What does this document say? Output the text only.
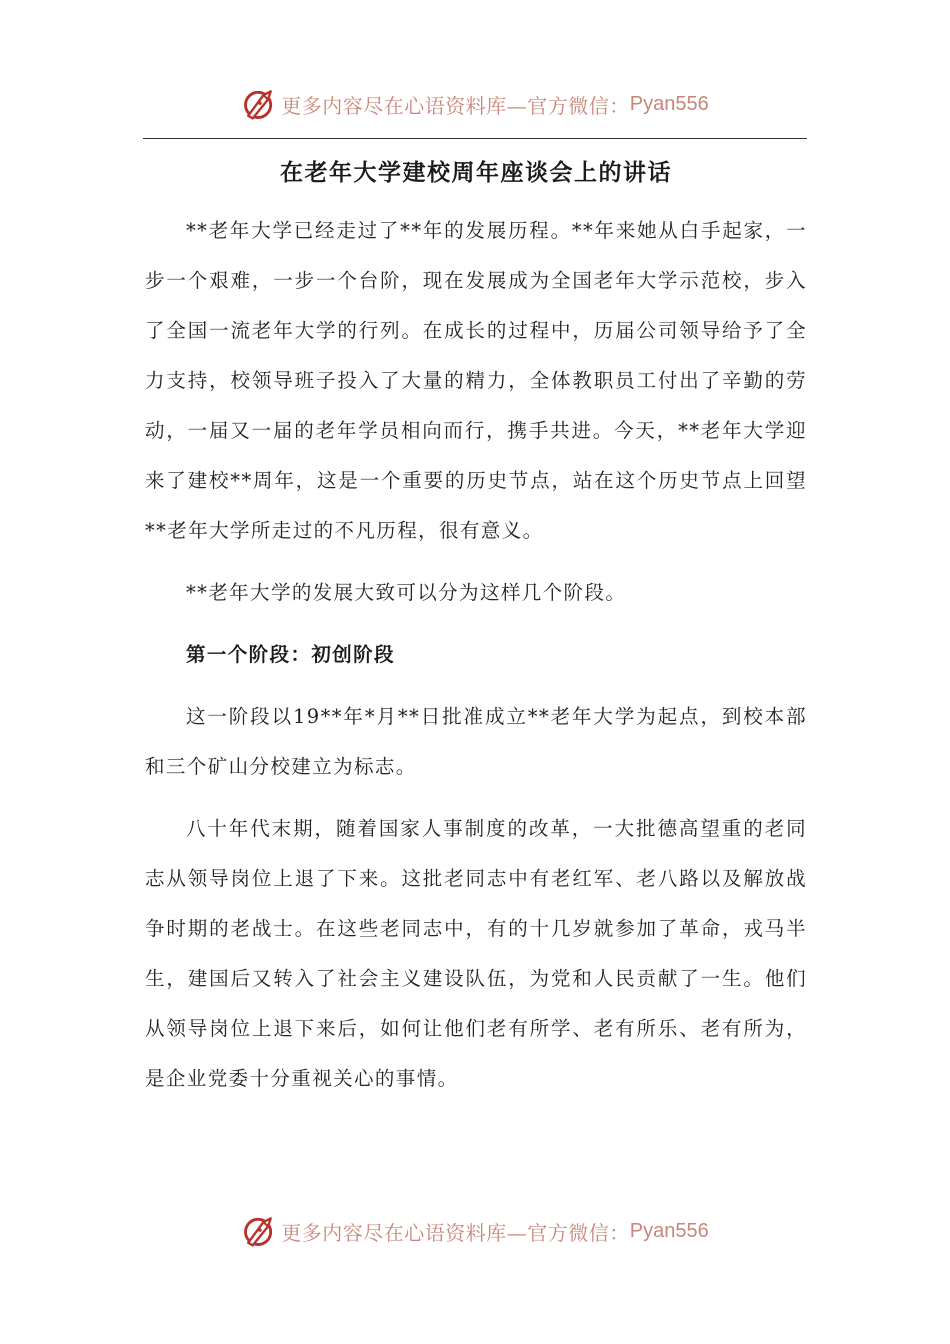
更多内容尽在心语资料库—官方微信： Pyan556
在老年大学建校周年座谈会上的讲话

**老年大学已经走过了**年的发展历程。**年来她从白手起家，一步一个艰难，一步一个台阶，现在发展成为全国老年大学示范校，步入了全国一流老年大学的行列。在成长的过程中，历届公司领导给予了全力支持，校领导班子投入了大量的精力，全体教职员工付出了辛勤的劳动，一届又一届的老年学员相向而行，携手共进。今天，**老年大学迎来了建校**周年，这是一个重要的历史节点，站在这个历史节点上回望**老年大学所走过的不凡历程，很有意义。

**老年大学的发展大致可以分为这样几个阶段。

第一个阶段：初创阶段

这一阶段以19**年*月**日批准成立**老年大学为起点，到校本部和三个矿山分校建立为标志。

八十年代末期，随着国家人事制度的改革，一大批德高望重的老同志从领导岗位上退了下来。这批老同志中有老红军、老八路以及解放战争时期的老战士。在这些老同志中，有的十几岁就参加了革命，戎马半生，建国后又转入了社会主义建设队伍，为党和人民贡献了一生。他们从领导岗位上退下来后，如何让他们老有所学、老有所乐、老有所为，是企业党委十分重视关心的事情。

更多内容尽在心语资料库—官方微信： Pyan556
